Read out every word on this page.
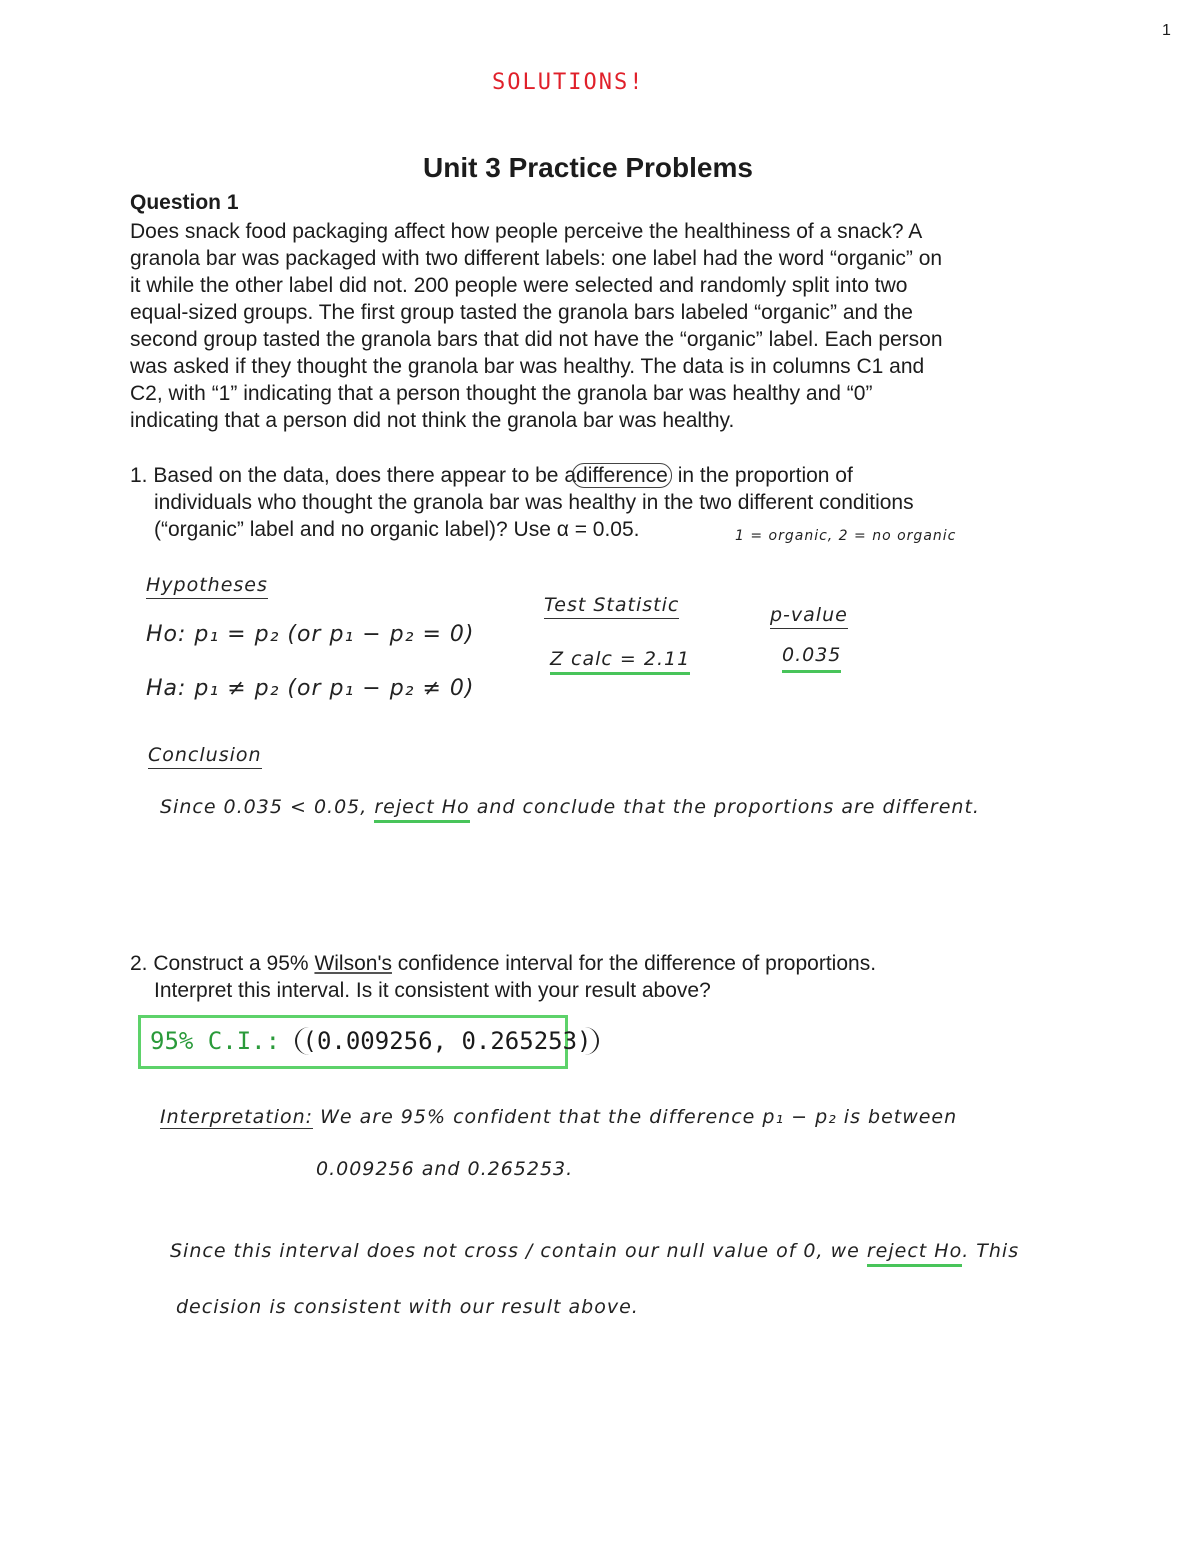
1
SOLUTIONS!
Unit 3 Practice Problems
Question 1
Does snack food packaging affect how people perceive the healthiness of a snack? A
granola bar was packaged with two different labels: one label had the word “organic” on
it while the other label did not. 200 people were selected and randomly split into two
equal-sized groups. The first group tasted the granola bars labeled “organic” and the
second group tasted the granola bars that did not have the “organic” label. Each person
was asked if they thought the granola bar was healthy. The data is in columns C1 and
C2, with “1” indicating that a person thought the granola bar was healthy and “0”
indicating that a person did not think the granola bar was healthy.
1. Based on the data, does there appear to be adifference in the proportion of
individuals who thought the granola bar was healthy in the two different conditions
(“organic” label and no organic label)? Use α = 0.05.	1 = organic, 2 = no organic
Hypotheses
Ho: p₁ = p₂ (or p₁ − p₂ = 0)
Ha: p₁ ≠ p₂ (or p₁ − p₂ ≠ 0)
Test Statistic
Z calc = 2.11
p-value
0.035
Conclusion
Since 0.035 < 0.05, reject Ho and conclude that the proportions are different.
2. Construct a 95% Wilson's confidence interval for the difference of proportions.
Interpret this interval. Is it consistent with your result above?
95% C.I.: (0.009256, 0.265253)
Interpretation: We are 95% confident that the difference p₁ − p₂ is between
0.009256 and 0.265253.
Since this interval does not cross / contain our null value of 0, we reject Ho. This
decision is consistent with our result above.
